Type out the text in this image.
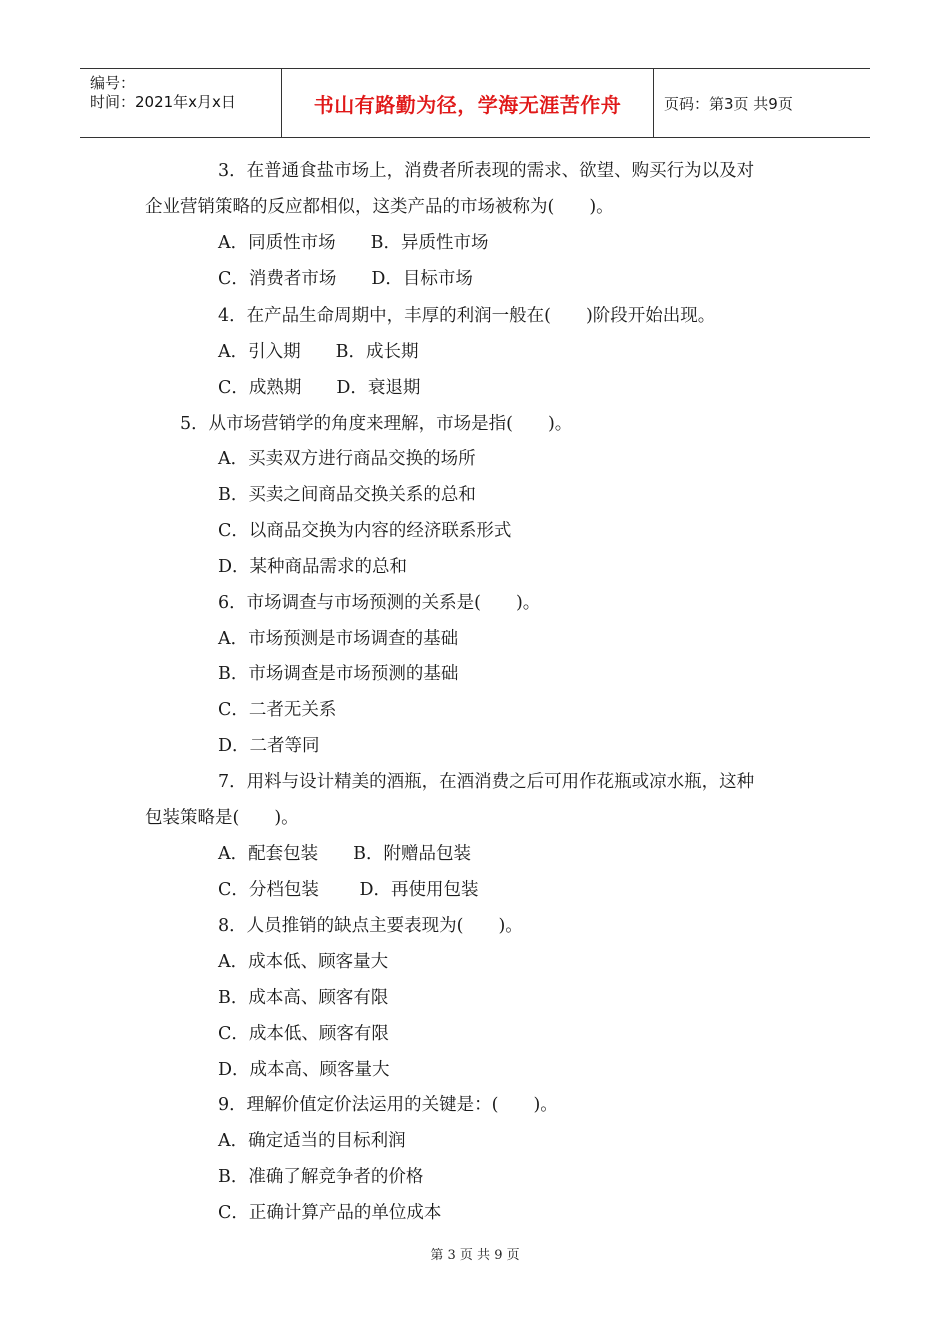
编号：
时间：2021年x月x日	书山有路勤为径，学海无涯苦作舟	页码：第3页 共9页
3．在普通食盐市场上，消费者所表现的需求、欲望、购买行为以及对
企业营销策略的反应都相似，这类产品的市场被称为(　　)。
A．同质性市场　　B．异质性市场
C．消费者市场　　D．目标市场
4．在产品生命周期中，丰厚的利润一般在(　　)阶段开始出现。
A．引入期　　B．成长期
C．成熟期　　D．衰退期
5．从市场营销学的角度来理解，市场是指(　　)。
A．买卖双方进行商品交换的场所
B．买卖之间商品交换关系的总和
C．以商品交换为内容的经济联系形式
D．某种商品需求的总和
6．市场调查与市场预测的关系是(　　)。
A．市场预测是市场调查的基础
B．市场调查是市场预测的基础
C．二者无关系
D．二者等同
7．用料与设计精美的酒瓶，在酒消费之后可用作花瓶或凉水瓶，这种
包装策略是(　　)。
A．配套包装　　B．附赠品包装
C．分档包装　　 D．再使用包装
8．人员推销的缺点主要表现为(　　)。
A．成本低、顾客量大
B．成本高、顾客有限
C．成本低、顾客有限
D．成本高、顾客量大
9．理解价值定价法运用的关键是：(　　)。
A．确定适当的目标利润
B．准确了解竞争者的价格
C．正确计算产品的单位成本
第 3 页 共 9 页
